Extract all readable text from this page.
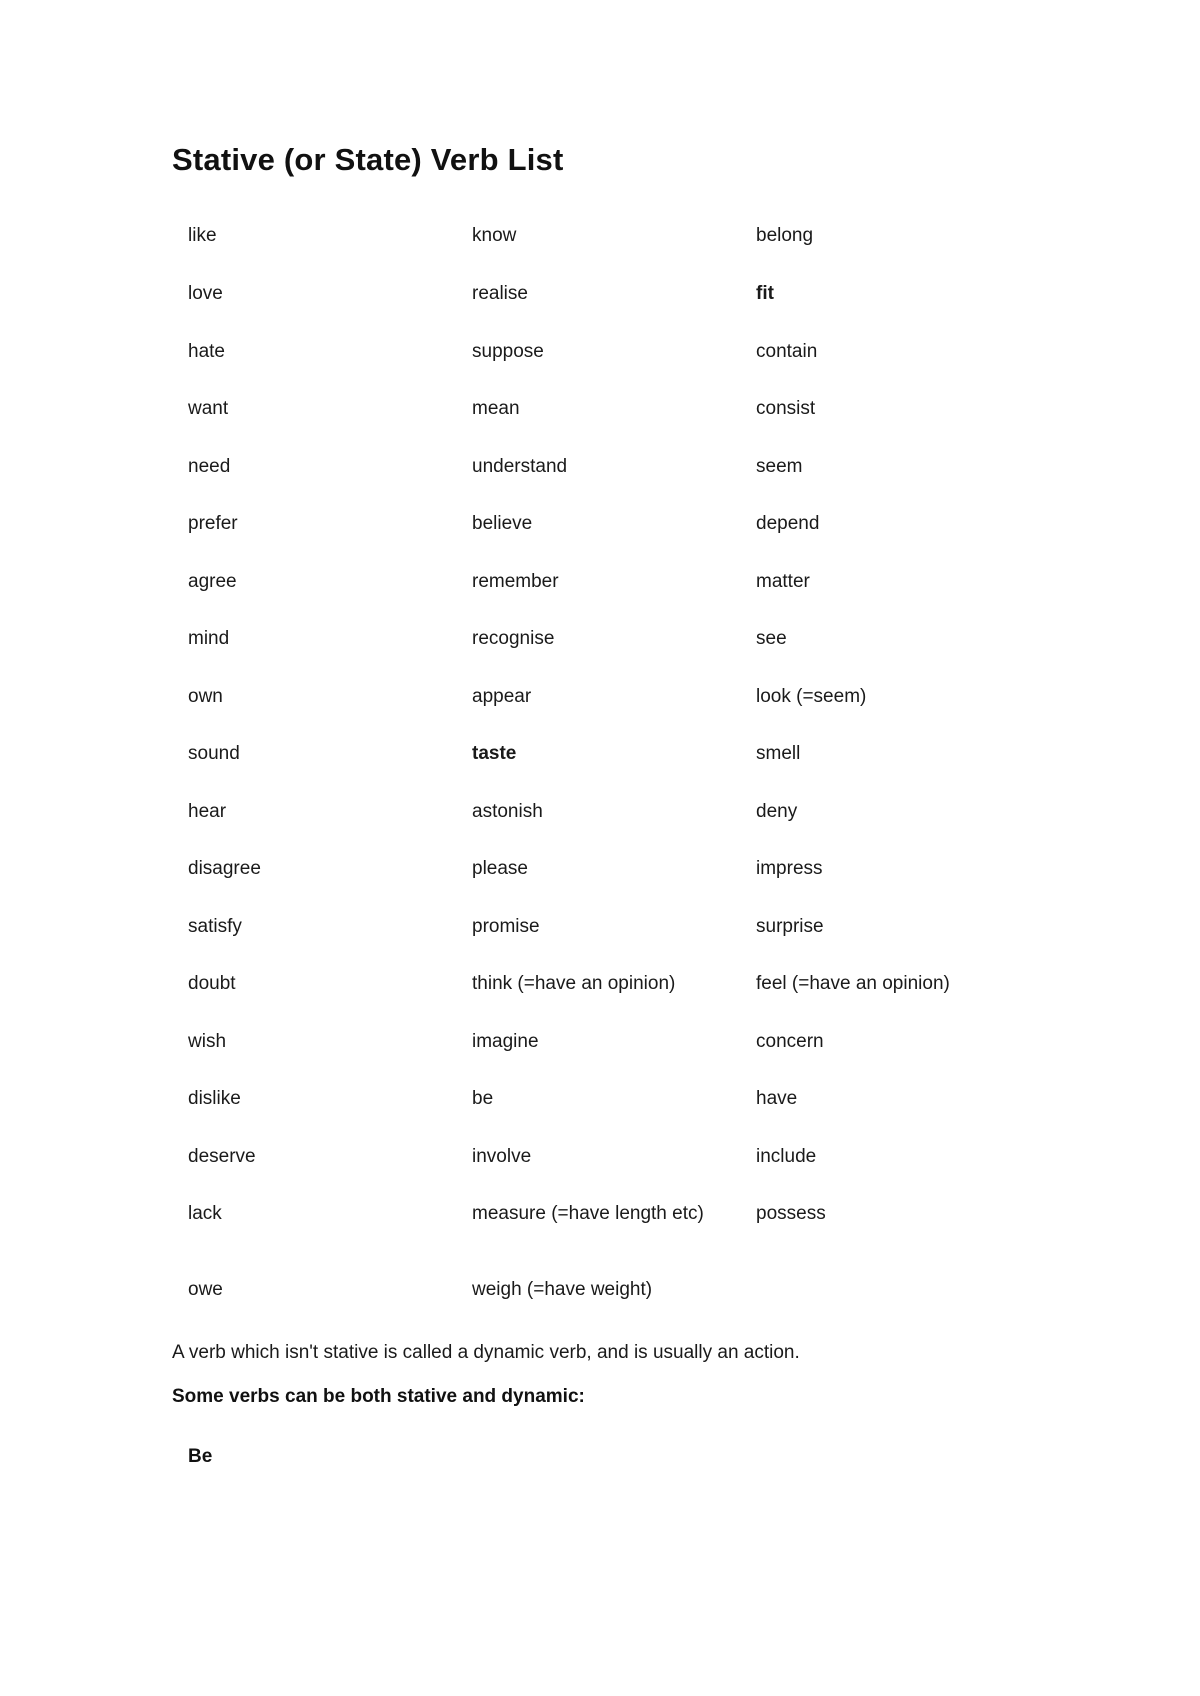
Stative (or State) Verb List
like	know	belong
love	realise	fit
hate	suppose	contain
want	mean	consist
need	understand	seem
prefer	believe	depend
agree	remember	matter
mind	recognise	see
own	appear	look (=seem)
sound	taste	smell
hear	astonish	deny
disagree	please	impress
satisfy	promise	surprise
doubt	think (=have an opinion)	feel (=have an opinion)
wish	imagine	concern
dislike	be	have
deserve	involve	include
lack	measure (=have length etc)	possess
owe	weigh (=have weight)
A verb which isn't stative is called a dynamic verb, and is usually an action.
Some verbs can be both stative and dynamic:
Be
